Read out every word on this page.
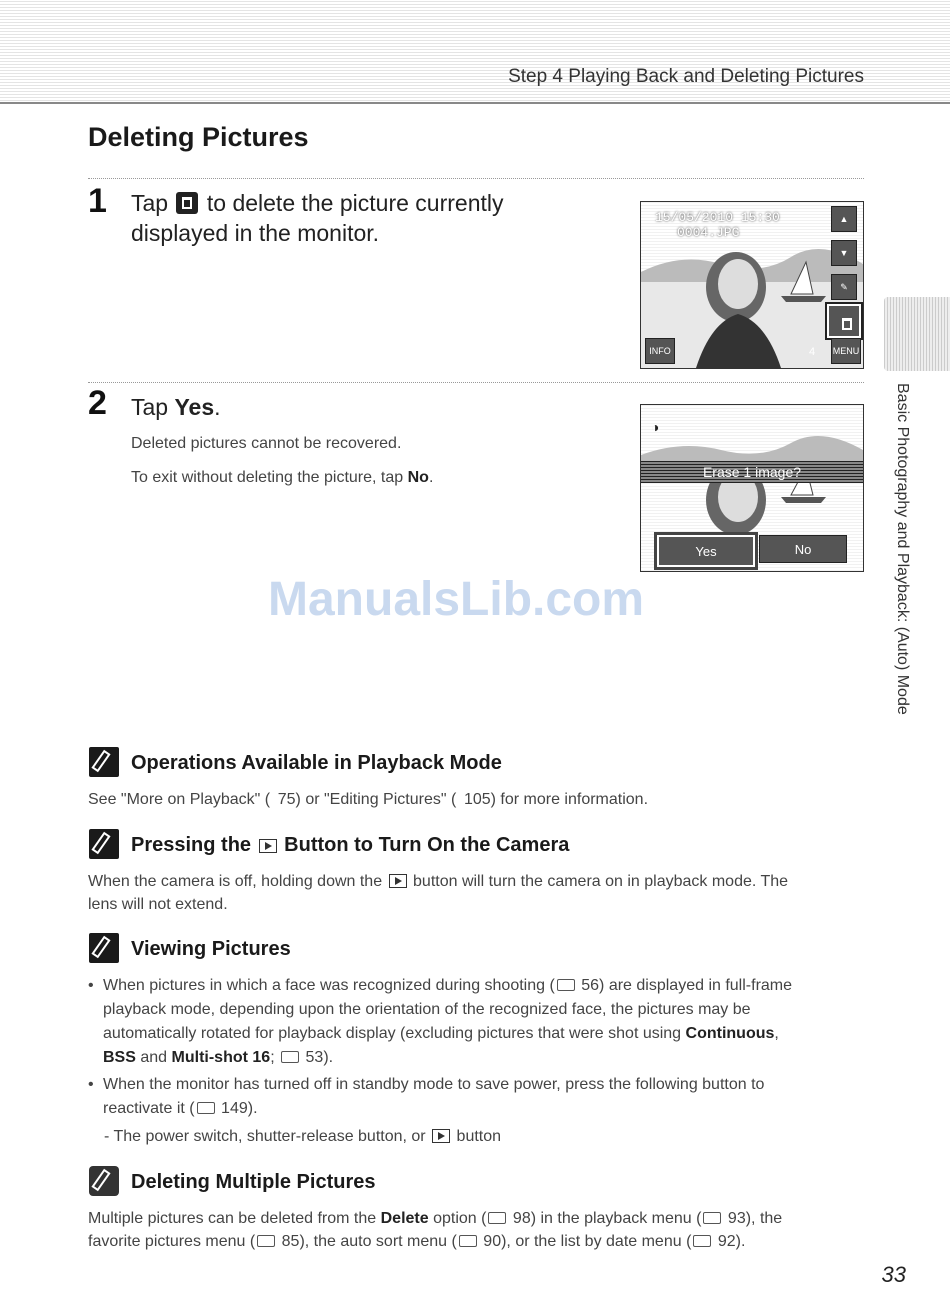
Step 4 Playing Back and Deleting Pictures
Deleting Pictures
1 Tap to delete the picture currently
displayed in the monitor.
15/05/2010 15:30
0004.JPG
▲
▼
✎
INFO	MENU
4
2 Tap Yes.
Deleted pictures cannot be recovered.
To exit without deleting the picture, tap No.
◑
Erase 1 image?
Yes	No
ManualsLib.com	Basic Photography and Playback: (Auto) Mode
Operations Available in Playback Mode
See "More on Playback" (  75) or "Editing Pictures" (  105) for more information.
Pressing the Button to Turn On the Camera
When the camera is off, holding down the button will turn the camera on in playback mode. The
lens will not extend.
Viewing Pictures
• When pictures in which a face was recognized during shooting ( 56) are displayed in full-frame
playback mode, depending upon the orientation of the recognized face, the pictures may be
automatically rotated for playback display (excluding pictures that were shot using Continuous,
BSS and Multi-shot 16;  53).
• When the monitor has turned off in standby mode to save power, press the following button to
reactivate it ( 149).
- The power switch, shutter-release button, or button
Deleting Multiple Pictures
Multiple pictures can be deleted from the Delete option ( 98) in the playback menu ( 93), the
favorite pictures menu ( 85), the auto sort menu ( 90), or the list by date menu ( 92).
33
